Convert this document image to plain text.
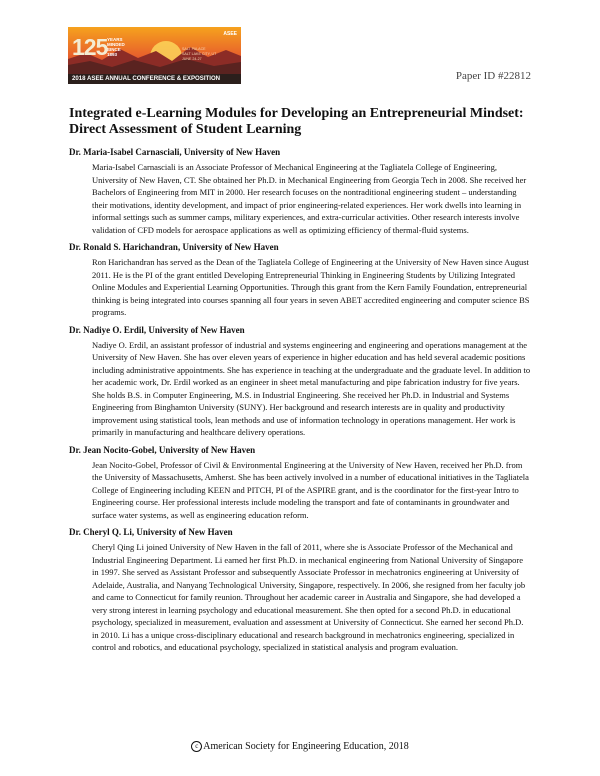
125 YEARS
MINDED
SINCE
1893
ASEE
SALT PALACE
SALT LAKE CITY, UT
JUNE 24-27
2018 ASEE ANNUAL CONFERENCE & EXPOSITION	Paper ID #22812
Integrated e-Learning Modules for Developing an Entrepreneurial Mindset: Direct Assessment of Student Learning

Dr. Maria-Isabel Carnasciali, University of New Haven

Maria-Isabel Carnasciali is an Associate Professor of Mechanical Engineering at the Tagliatela College of Engineering, University of New Haven, CT. She obtained her Ph.D. in Mechanical Engineering from Georgia Tech in 2008. She received her Bachelors of Engineering from MIT in 2000. Her research focuses on the nontraditional engineering student – understanding their motivations, identity development, and impact of prior engineering-related experiences. Her work dwells into learning in informal settings such as summer camps, military experiences, and extra-curricular activities. Other research interests involve validation of CFD models for aerospace applications as well as optimizing efficiency of thermal-fluid systems.

Dr. Ronald S. Harichandran, University of New Haven

Ron Harichandran has served as the Dean of the Tagliatela College of Engineering at the University of New Haven since August 2011. He is the PI of the grant entitled Developing Entrepreneurial Thinking in Engineering Students by Utilizing Integrated Online Modules and Experiential Learning Opportunities. Through this grant from the Kern Family Foundation, entrepreneurial thinking is being integrated into courses spanning all four years in seven ABET accredited engineering and computer science BS programs.

Dr. Nadiye O. Erdil, University of New Haven

Nadiye O. Erdil, an assistant professor of industrial and systems engineering and engineering and operations management at the University of New Haven. She has over eleven years of experience in higher education and has held several academic positions including administrative appointments. She has experience in teaching at the undergraduate and the graduate level. In addition to her academic work, Dr. Erdil worked as an engineer in sheet metal manufacturing and pipe fabrication industry for five years. She holds B.S. in Computer Engineering, M.S. in Industrial Engineering. She received her Ph.D. in Industrial and Systems Engineering from Binghamton University (SUNY). Her background and research interests are in quality and productivity improvement using statistical tools, lean methods and use of information technology in operations management. Her work is primarily in manufacturing and healthcare delivery operations.

Dr. Jean Nocito-Gobel, University of New Haven

Jean Nocito-Gobel, Professor of Civil & Environmental Engineering at the University of New Haven, received her Ph.D. from the University of Massachusetts, Amherst. She has been actively involved in a number of educational initiatives in the Tagliatela College of Engineering including KEEN and PITCH, PI of the ASPIRE grant, and is the coordinator for the first-year Intro to Engineering course. Her professional interests include modeling the transport and fate of contaminants in groundwater and surface water systems, as well as engineering education reform.

Dr. Cheryl Q. Li, University of New Haven

Cheryl Qing Li joined University of New Haven in the fall of 2011, where she is Associate Professor of the Mechanical and Industrial Engineering Department. Li earned her first Ph.D. in mechanical engineering from National University of Singapore in 1997. She served as Assistant Professor and subsequently Associate Professor in mechatronics engineering at University of Adelaide, Australia, and Nanyang Technological University, Singapore, respectively. In 2006, she resigned from her faculty job and came to Connecticut for family reunion. Throughout her academic career in Australia and Singapore, she had developed a very strong interest in learning psychology and educational measurement. She then opted for a second Ph.D. in educational psychology, specialized in measurement, evaluation and assessment at University of Connecticut. She earned her second Ph.D. in 2010. Li has a unique cross-disciplinary educational and research background in mechatronics engineering, specialized in control and robotics, and educational psychology, specialized in statistical analysis and program evaluation.

c American Society for Engineering Education, 2018
